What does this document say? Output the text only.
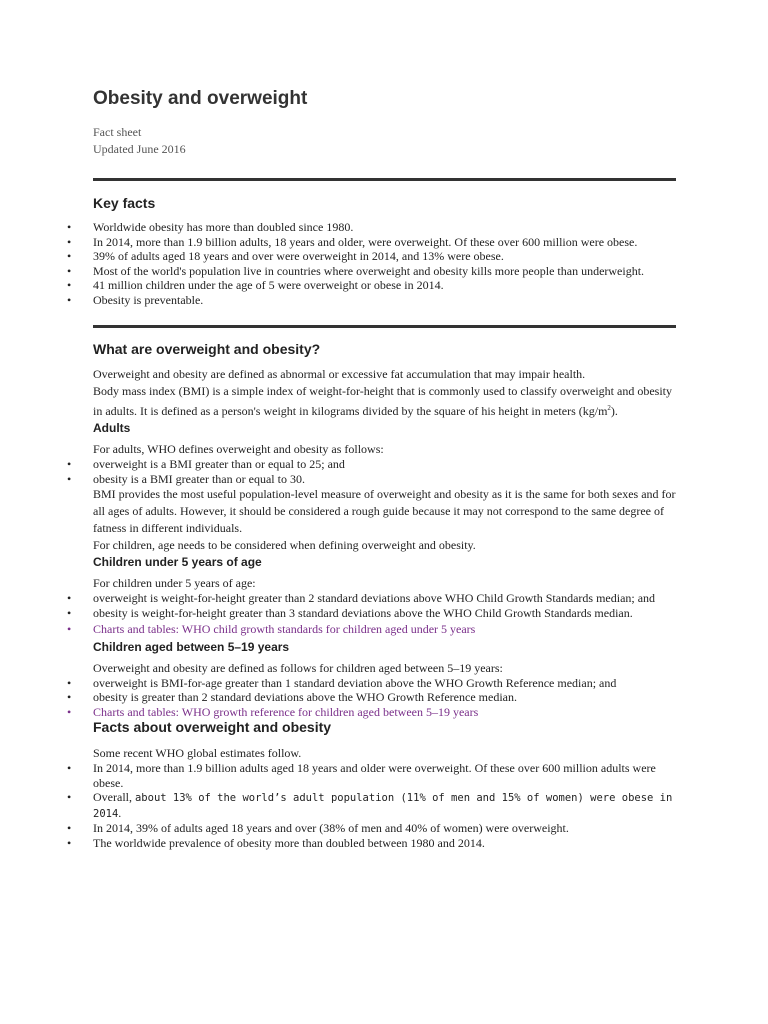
Obesity and overweight
Fact sheet
Updated June 2016
Key facts
• Worldwide obesity has more than doubled since 1980.
• In 2014, more than 1.9 billion adults, 18 years and older, were overweight. Of these over 600 million were obese.
• 39% of adults aged 18 years and over were overweight in 2014, and 13% were obese.
• Most of the world's population live in countries where overweight and obesity kills more people than underweight.
• 41 million children under the age of 5 were overweight or obese in 2014.
• Obesity is preventable.
What are overweight and obesity?

Overweight and obesity are defined as abnormal or excessive fat accumulation that may impair health.

Body mass index (BMI) is a simple index of weight-for-height that is commonly used to classify overweight and obesity in adults. It is defined as a person's weight in kilograms divided by the square of his height in meters $(kg/m^2)$.

Adults

For adults, WHO defines overweight and obesity as follows:

• overweight is a BMI greater than or equal to 25; and
• obesity is a BMI greater than or equal to 30.

BMI provides the most useful population-level measure of overweight and obesity as it is the same for both sexes and for all ages of adults. However, it should be considered a rough guide because it may not correspond to the same degree of fatness in different individuals.

For children, age needs to be considered when defining overweight and obesity.

Children under 5 years of age

For children under 5 years of age:

• overweight is weight-for-height greater than 2 standard deviations above WHO Child Growth Standards median; and
• obesity is weight-for-height greater than 3 standard deviations above the WHO Child Growth Standards median.
• Charts and tables: WHO child growth standards for children aged under 5 years
Children aged between 5–19 years

Overweight and obesity are defined as follows for children aged between 5–19 years:

• overweight is BMI-for-age greater than 1 standard deviation above the WHO Growth Reference median; and
• obesity is greater than 2 standard deviations above the WHO Growth Reference median.
• Charts and tables: WHO growth reference for children aged between 5–19 years
Facts about overweight and obesity

Some recent WHO global estimates follow.

• In 2014, more than 1.9 billion adults aged 18 years and older were overweight. Of these over 600 million adults were obese.
• Overall, about 13% of the world’s adult population (11% of men and 15% of women) were obese in 2014.
• In 2014, 39% of adults aged 18 years and over (38% of men and 40% of women) were overweight.
• The worldwide prevalence of obesity more than doubled between 1980 and 2014.
